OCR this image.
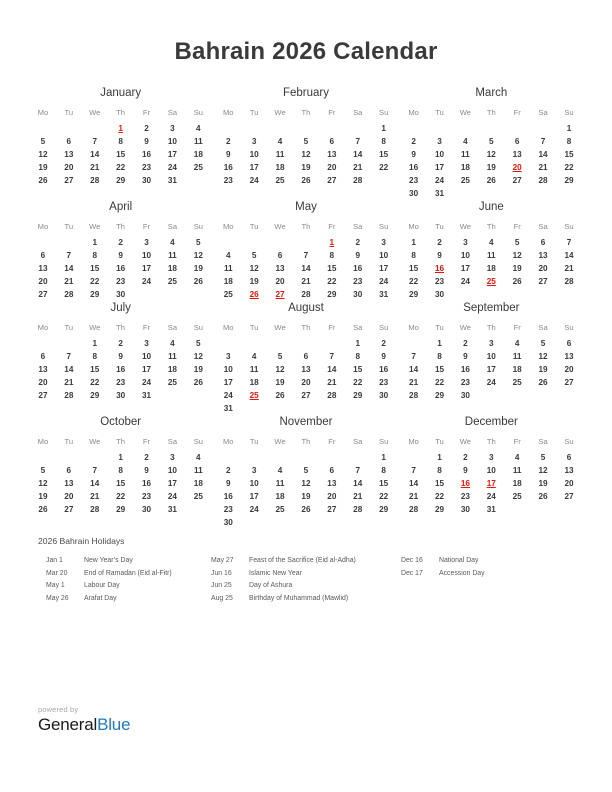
Bahrain 2026 Calendar
January
Mo	Tu	We	Th	Fr	Sa	Su
			1	2	3	4
5	6	7	8	9	10	11
12	13	14	15	16	17	18
19	20	21	22	23	24	25
26	27	28	29	30	31	
February
Mo	Tu	We	Th	Fr	Sa	Su
						1
2	3	4	5	6	7	8
9	10	11	12	13	14	15
16	17	18	19	20	21	22
23	24	25	26	27	28	
March
Mo	Tu	We	Th	Fr	Sa	Su
						1
2	3	4	5	6	7	8
9	10	11	12	13	14	15
16	17	18	19	20	21	22
23	24	25	26	27	28	29
30	31					
April
Mo	Tu	We	Th	Fr	Sa	Su
		1	2	3	4	5
6	7	8	9	10	11	12
13	14	15	16	17	18	19
20	21	22	23	24	25	26
27	28	29	30			
May
Mo	Tu	We	Th	Fr	Sa	Su
				1	2	3
4	5	6	7	8	9	10
11	12	13	14	15	16	17
18	19	20	21	22	23	24
25	26	27	28	29	30	31
June
Mo	Tu	We	Th	Fr	Sa	Su
1	2	3	4	5	6	7
8	9	10	11	12	13	14
15	16	17	18	19	20	21
22	23	24	25	26	27	28
29	30					
July
Mo	Tu	We	Th	Fr	Sa	Su
		1	2	3	4	5
6	7	8	9	10	11	12
13	14	15	16	17	18	19
20	21	22	23	24	25	26
27	28	29	30	31		
August
Mo	Tu	We	Th	Fr	Sa	Su
					1	2
3	4	5	6	7	8	9
10	11	12	13	14	15	16
17	18	19	20	21	22	23
24	25	26	27	28	29	30
31						
September
Mo	Tu	We	Th	Fr	Sa	Su
	1	2	3	4	5	6
7	8	9	10	11	12	13
14	15	16	17	18	19	20
21	22	23	24	25	26	27
28	29	30				
October
Mo	Tu	We	Th	Fr	Sa	Su
			1	2	3	4
5	6	7	8	9	10	11
12	13	14	15	16	17	18
19	20	21	22	23	24	25
26	27	28	29	30	31	
November
Mo	Tu	We	Th	Fr	Sa	Su
						1
2	3	4	5	6	7	8
9	10	11	12	13	14	15
16	17	18	19	20	21	22
23	24	25	26	27	28	29
30						
December
Mo	Tu	We	Th	Fr	Sa	Su
	1	2	3	4	5	6
7	8	9	10	11	12	13
14	15	16	17	18	19	20
21	22	23	24	25	26	27
28	29	30	31			
2026 Bahrain Holidays
Jan 1	New Year’s Day
Mar 20	End of Ramadan (Eid al-Fitr)
May 1	Labour Day
May 26	Arafat Day
May 27	Feast of the Sacrifice (Eid al-Adha)
Jun 16	Islamic New Year
Jun 25	Day of Ashura
Aug 25	Birthday of Muhammad (Mawlid)
Dec 16	National Day
Dec 17	Accession Day
powered by
GeneralBlue
